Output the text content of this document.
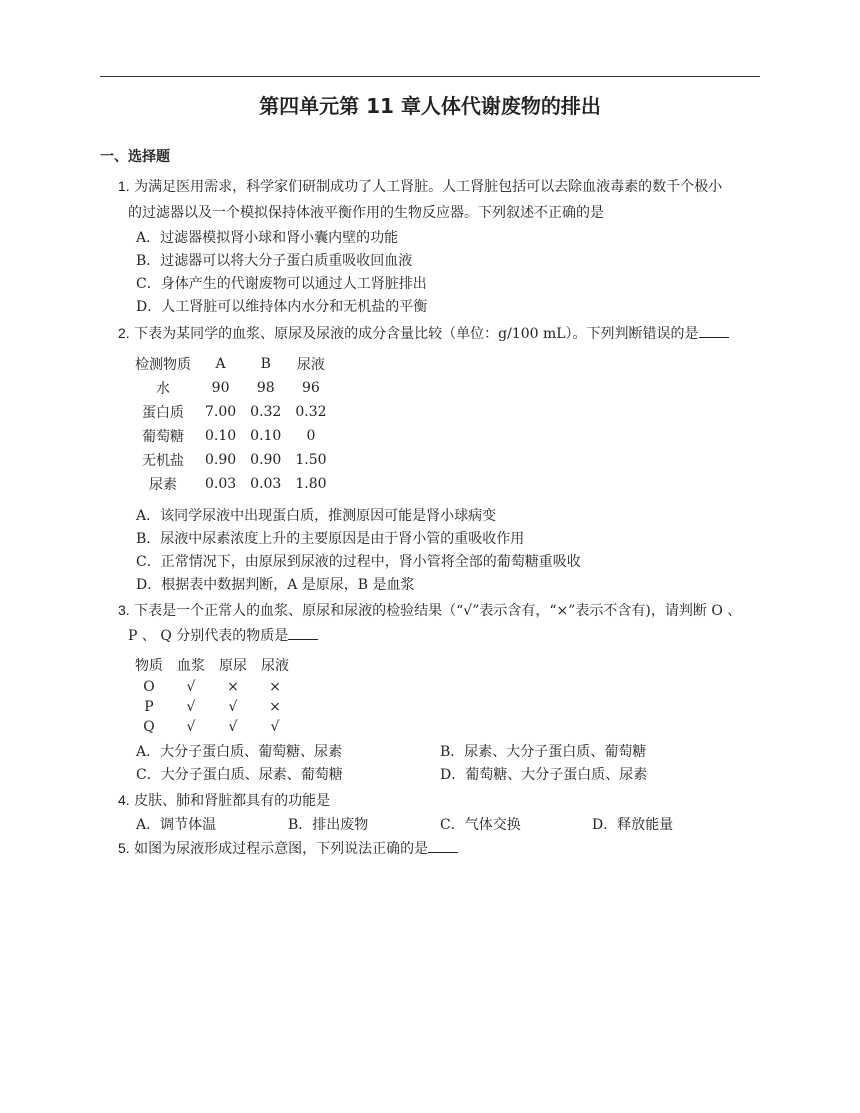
第四单元第 11 章人体代谢废物的排出
一、选择题
1. 为满足医用需求，科学家们研制成功了人工肾脏。人工肾脏包括可以去除血液毒素的数千个极小
的过滤器以及一个模拟保持体液平衡作用的生物反应器。下列叙述不正确的是
A．过滤器模拟肾小球和肾小囊内壁的功能
B．过滤器可以将大分子蛋白质重吸收回血液
C．身体产生的代谢废物可以通过人工肾脏排出
D．人工肾脏可以维持体内水分和无机盐的平衡
2. 下表为某同学的血浆、原尿及尿液的成分含量比较（单位：g/100 mL）。下列判断错误的是
检测物质	A	B	尿液
水	90	98	96
蛋白质	7.00	0.32	0.32
葡萄糖	0.10	0.10	0
无机盐	0.90	0.90	1.50
尿素	0.03	0.03	1.80
A．该同学尿液中出现蛋白质，推测原因可能是肾小球病变
B．尿液中尿素浓度上升的主要原因是由于肾小管的重吸收作用
C．正常情况下，由原尿到尿液的过程中，肾小管将全部的葡萄糖重吸收
D．根据表中数据判断，A 是原尿，B 是血浆
3. 下表是一个正常人的血浆、原尿和尿液的检验结果（“√”表示含有，“×”表示不含有)，请判断 O 、
P 、 Q 分别代表的物质是
物质	血浆	原尿	尿液
O	√	×	×
P	√	√	×
Q	√	√	√
A．大分子蛋白质、葡萄糖、尿素	B．尿素、大分子蛋白质、葡萄糖
C．大分子蛋白质、尿素、葡萄糖	D．葡萄糖、大分子蛋白质、尿素
4. 皮肤、肺和肾脏都具有的功能是
A．调节体温	B．排出废物	C．气体交换	D．释放能量
5. 如图为尿液形成过程示意图，下列说法正确的是
